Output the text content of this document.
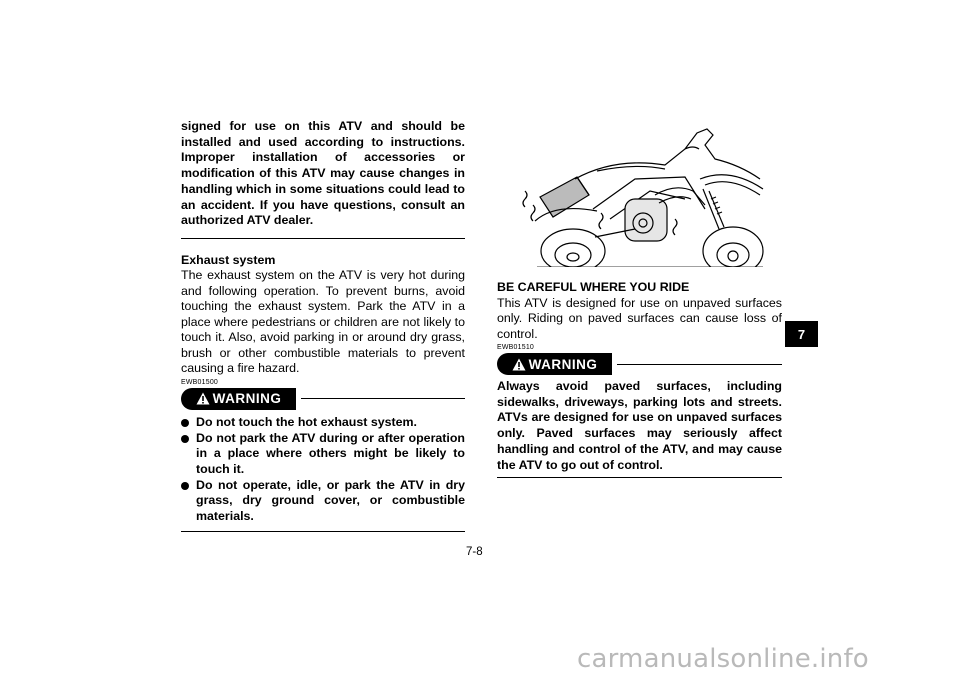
signed for use on this ATV and should be installed and used according to instructions. Improper installation of accessories or modification of this ATV may cause changes in handling which in some situations could lead to an accident. If you have questions, consult an authorized ATV dealer.

Exhaust system

The exhaust system on the ATV is very hot during and following operation. To prevent burns, avoid touching the exhaust system. Park the ATV in a place where pedestrians or children are not likely to touch it. Also, avoid parking in or around dry grass, brush or other combustible materials to prevent causing a fire hazard.

EWB01500
WARNING
Do not touch the hot exhaust system.
Do not park the ATV during or after operation in a place where others might be likely to touch it.
Do not operate, idle, or park the ATV in dry grass, dry ground cover, or combustible materials.

BE CAREFUL WHERE YOU RIDE

This ATV is designed for use on unpaved surfaces only. Riding on paved surfaces can cause loss of control.

EWB01510
WARNING

Always avoid paved surfaces, including sidewalks, driveways, parking lots and streets. ATVs are designed for use on unpaved surfaces only. Paved surfaces may seriously affect handling and control of the ATV, and may cause the ATV to go out of control.

7-8
7
carmanualsonline.info
